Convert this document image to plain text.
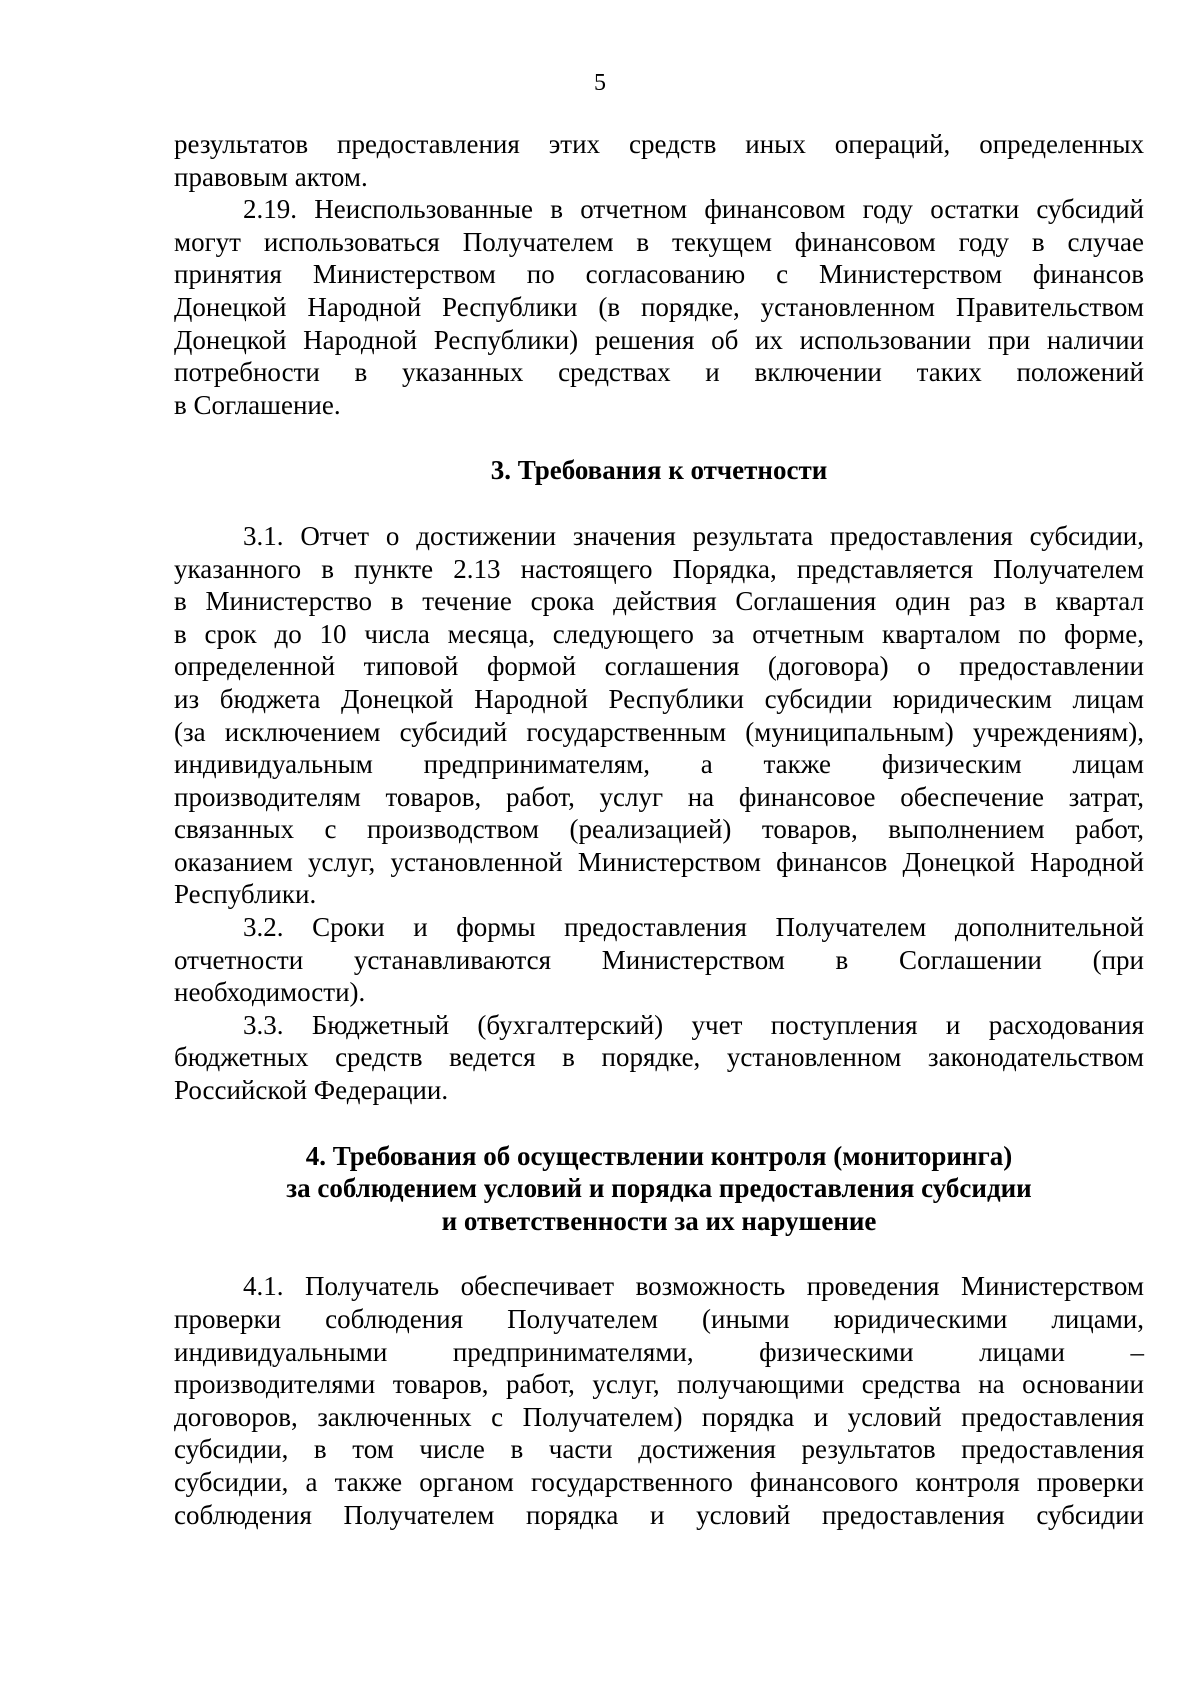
5
результатов предоставления этих средств иных операций, определенных
правовым актом.
2.19. Неиспользованные в отчетном финансовом году остатки субсидий
могут использоваться Получателем в текущем финансовом году в случае
принятия Министерством по согласованию с Министерством финансов
Донецкой Народной Республики (в порядке, установленном Правительством
Донецкой Народной Республики) решения об их использовании при наличии
потребности в указанных средствах и включении таких положений
в Соглашение.
3. Требования к отчетности
3.1. Отчет о достижении значения результата предоставления субсидии,
указанного в пункте 2.13 настоящего Порядка, представляется Получателем
в Министерство в течение срока действия Соглашения один раз в квартал
в срок до 10 числа месяца, следующего за отчетным кварталом по форме,
определенной типовой формой соглашения (договора) о предоставлении
из бюджета Донецкой Народной Республики субсидии юридическим лицам
(за исключением субсидий государственным (муниципальным) учреждениям),
индивидуальным предпринимателям, а также физическим лицам
производителям товаров, работ, услуг на финансовое обеспечение затрат,
связанных с производством (реализацией) товаров, выполнением работ,
оказанием услуг, установленной Министерством финансов Донецкой Народной
Республики.
3.2. Сроки и формы предоставления Получателем дополнительной
отчетности устанавливаются Министерством в Соглашении (при
необходимости).
3.3. Бюджетный (бухгалтерский) учет поступления и расходования
бюджетных средств ведется в порядке, установленном законодательством
Российской Федерации.
4. Требования об осуществлении контроля (мониторинга)
за соблюдением условий и порядка предоставления субсидии
и ответственности за их нарушение
4.1. Получатель обеспечивает возможность проведения Министерством
проверки соблюдения Получателем (иными юридическими лицами,
индивидуальными предпринимателями, физическими лицами –
производителями товаров, работ, услуг, получающими средства на основании
договоров, заключенных с Получателем) порядка и условий предоставления
субсидии, в том числе в части достижения результатов предоставления
субсидии, а также органом государственного финансового контроля проверки
соблюдения Получателем порядка и условий предоставления субсидии
